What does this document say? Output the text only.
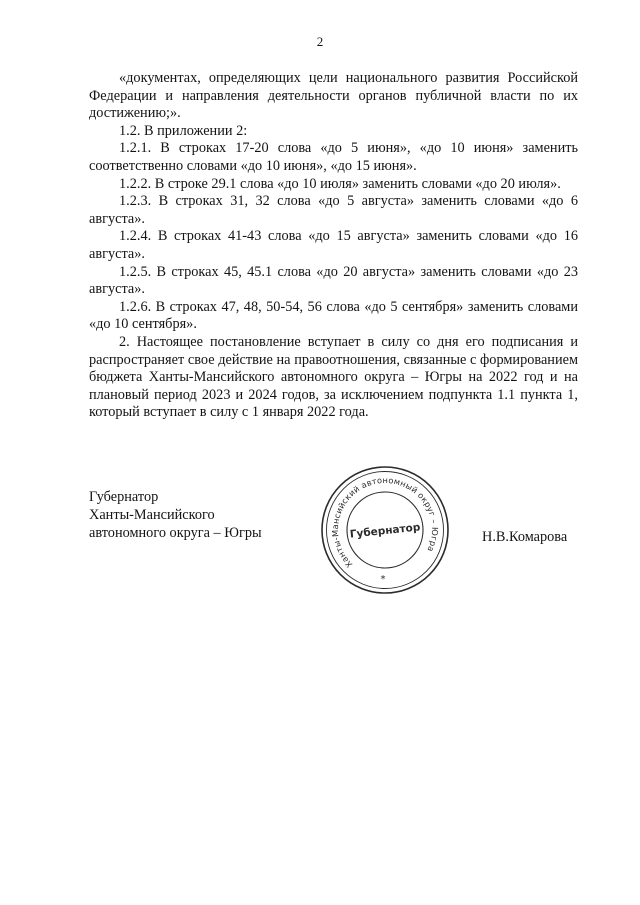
2

«документах, определяющих цели национального развития Российской Федерации и направления деятельности органов публичной власти по их достижению;».

1.2. В приложении 2:

1.2.1. В строках 17-20 слова «до 5 июня», «до 10 июня» заменить соответственно словами «до 10 июня», «до 15 июня».

1.2.2. В строке 29.1 слова «до 10 июля» заменить словами «до 20 июля».

1.2.3. В строках 31, 32 слова «до 5 августа» заменить словами «до 6 августа».

1.2.4. В строках 41-43 слова «до 15 августа» заменить словами «до 16 августа».

1.2.5. В строках 45, 45.1 слова «до 20 августа» заменить словами «до 23 августа».

1.2.6. В строках 47, 48, 50-54, 56 слова «до 5 сентября» заменить словами «до 10 сентября».

2. Настоящее постановление вступает в силу со дня его подписания и распространяет свое действие на правоотношения, связанные с формированием бюджета Ханты-Мансийского автономного округа – Югры на 2022 год и на плановый период 2023 и 2024 годов, за исключением подпункта 1.1 пункта 1, который вступает в силу с 1 января 2022 года.

Губернатор
Ханты-Мансийского
автономного округа – Югры	Н.В.Комарова
Ханты-Мансийский автономный округ – Югра
Губернатор
*
